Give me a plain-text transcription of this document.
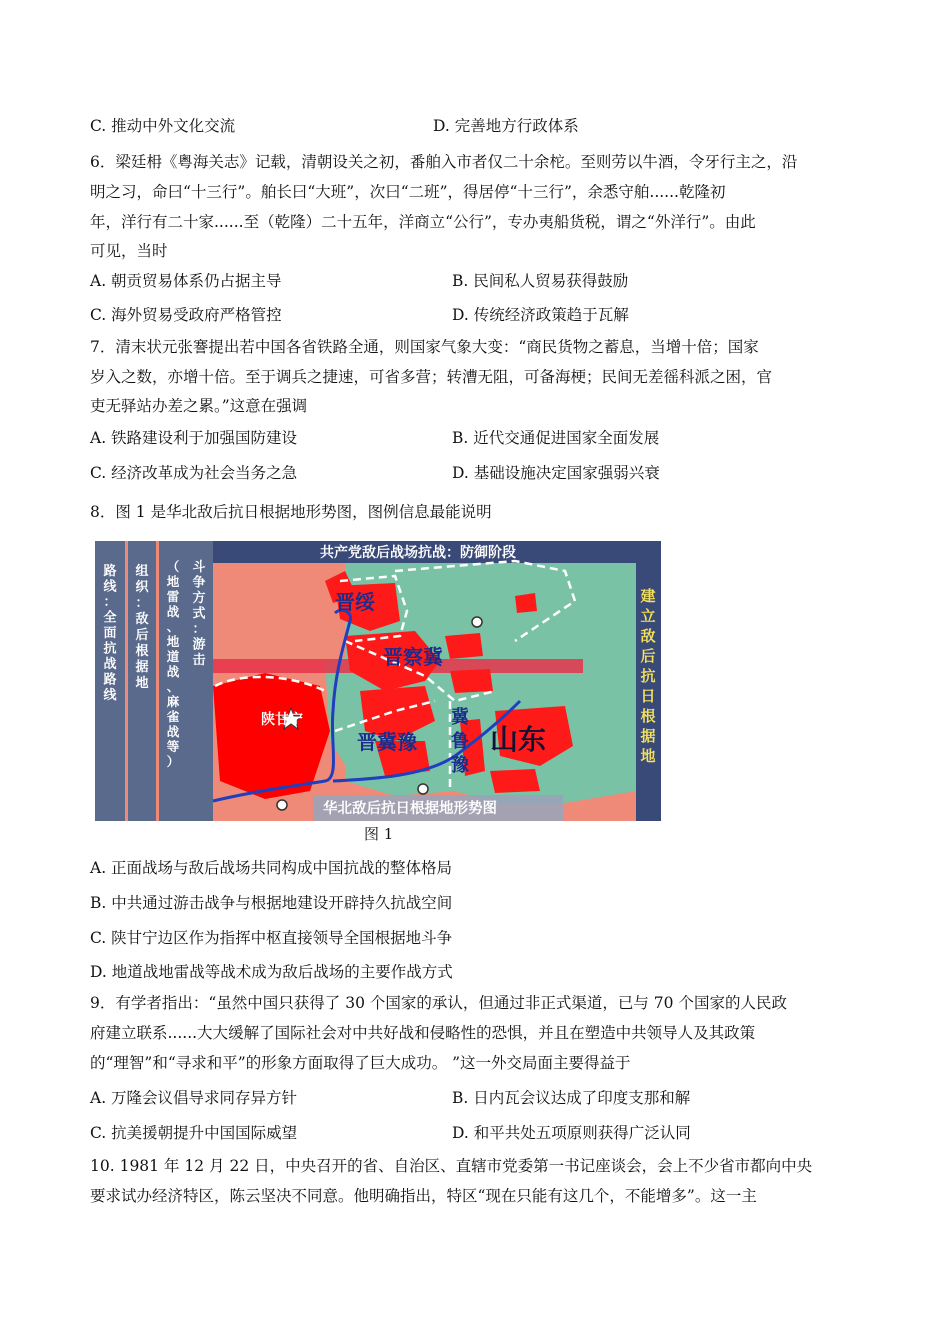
C. 推动中外文化交流	D. 完善地方行政体系
6．梁廷枏《粤海关志》记载，清朝设关之初，番舶入市者仅二十余柁。至则劳以牛酒，令牙行主之，沿
明之习，命曰“十三行”。舶长曰“大班”，次曰“二班”，得居停“十三行”，余悉守舶......乾隆初
年，洋行有二十家......至（乾隆）二十五年，洋商立“公行”，专办夷船货税，谓之“外洋行”。由此
可见，当时
A. 朝贡贸易体系仍占据主导	B. 民间私人贸易获得鼓励
C. 海外贸易受政府严格管控	D. 传统经济政策趋于瓦解
7．清末状元张謇提出若中国各省铁路全通，则国家气象大变：“商民货物之蓄息，当增十倍；国家
岁入之数，亦增十倍。至于调兵之捷速，可省多营；转漕无阻，可备海梗；民间无差徭科派之困，官
吏无驿站办差之累。”这意在强调
A. 铁路建设利于加强国防建设	B. 近代交通促进国家全面发展
C. 经济改革成为社会当务之急	D. 基础设施决定国家强弱兴衰
8．图 1 是华北敌后抗日根据地形势图，图例信息最能说明
共产党敌后战场抗战：防御阶段
华北敌后抗日根据地形势图
晋绥
晋察冀
陕甘宁
晋冀豫	山东
冀
鲁
豫
路
线
：
全
面
抗
战
路
线
组
织
：
敌
后
根
据
地
斗
争
方
式
：
游
击
（
地
雷
战
、
地
道
战
、
麻
雀
战
等
）
建
立
敌
后
抗
日
根
据
地
图 1
A. 正面战场与敌后战场共同构成中国抗战的整体格局
B. 中共通过游击战争与根据地建设开辟持久抗战空间
C. 陕甘宁边区作为指挥中枢直接领导全国根据地斗争
D. 地道战地雷战等战术成为敌后战场的主要作战方式
9．有学者指出：“虽然中国只获得了 30 个国家的承认，但通过非正式渠道，已与 70 个国家的人民政
府建立联系......大大缓解了国际社会对中共好战和侵略性的恐惧，并且在塑造中共领导人及其政策
的“理智”和“寻求和平”的形象方面取得了巨大成功。 ”这一外交局面主要得益于
A. 万隆会议倡导求同存异方针	B. 日内瓦会议达成了印度支那和解
C. 抗美援朝提升中国国际威望	D. 和平共处五项原则获得广泛认同
10. 1981 年 12 月 22 日，中央召开的省、自治区、直辖市党委第一书记座谈会，会上不少省市都向中央
要求试办经济特区，陈云坚决不同意。他明确指出，特区“现在只能有这几个，不能增多”。这一主
